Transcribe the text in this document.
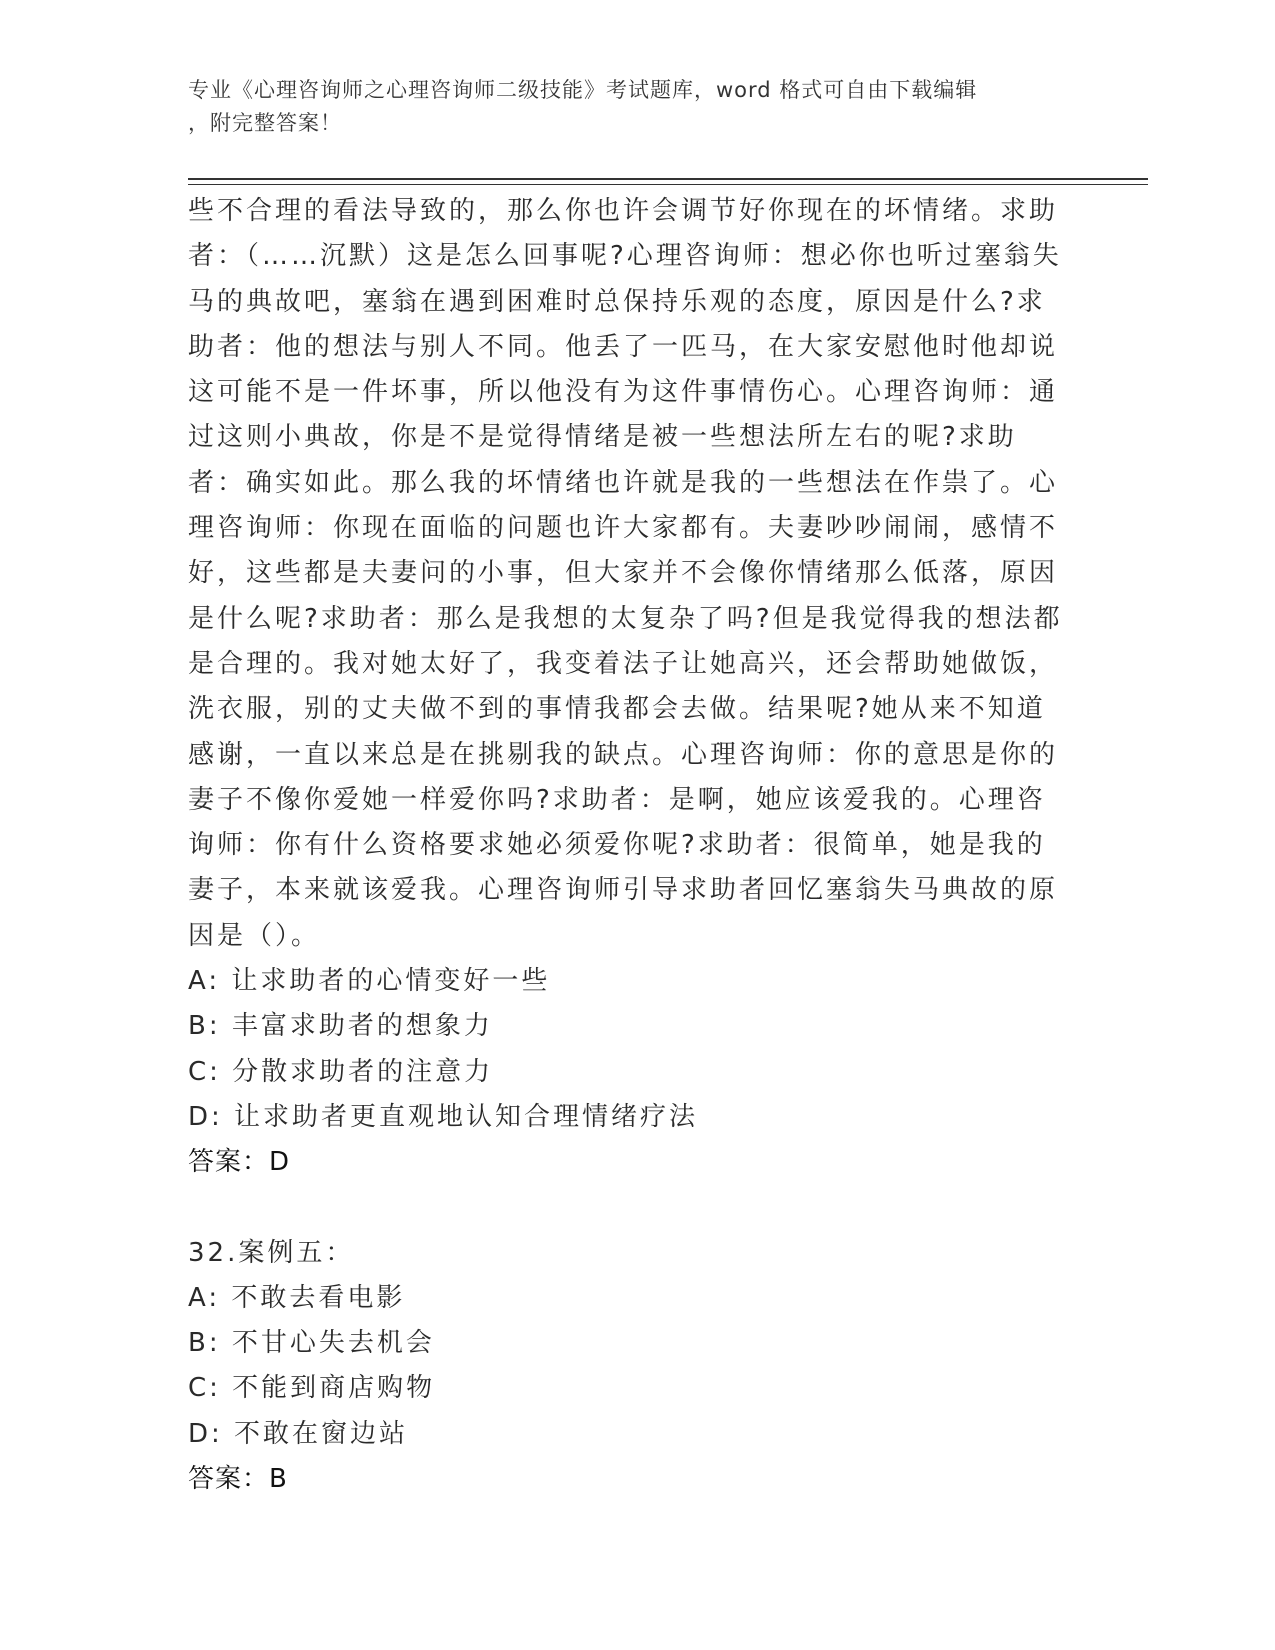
专业《心理咨询师之心理咨询师二级技能》考试题库，word 格式可自由下载编辑
，附完整答案！

些不合理的看法导致的，那么你也许会调节好你现在的坏情绪。求助者：（……沉默）这是怎么回事呢?心理咨询师：想必你也听过塞翁失马的典故吧，塞翁在遇到困难时总保持乐观的态度，原因是什么?求助者：他的想法与别人不同。他丢了一匹马，在大家安慰他时他却说这可能不是一件坏事，所以他没有为这件事情伤心。心理咨询师：通过这则小典故，你是不是觉得情绪是被一些想法所左右的呢?求助者：确实如此。那么我的坏情绪也许就是我的一些想法在作祟了。心理咨询师：你现在面临的问题也许大家都有。夫妻吵吵闹闹，感情不好，这些都是夫妻问的小事，但大家并不会像你情绪那么低落，原因是什么呢?求助者：那么是我想的太复杂了吗?但是我觉得我的想法都是合理的。我对她太好了，我变着法子让她高兴，还会帮助她做饭，洗衣服，别的丈夫做不到的事情我都会去做。结果呢?她从来不知道感谢，一直以来总是在挑剔我的缺点。心理咨询师：你的意思是你的妻子不像你爱她一样爱你吗?求助者：是啊，她应该爱我的。心理咨询师：你有什么资格要求她必须爱你呢?求助者：很简单，她是我的妻子，本来就该爱我。心理咨询师引导求助者回忆塞翁失马典故的原因是（）。

A: 让求助者的心情变好一些
B: 丰富求助者的想象力
C: 分散求助者的注意力
D: 让求助者更直观地认知合理情绪疗法
答案：D
32.案例五：
A: 不敢去看电影
B: 不甘心失去机会
C: 不能到商店购物
D: 不敢在窗边站
答案：B
